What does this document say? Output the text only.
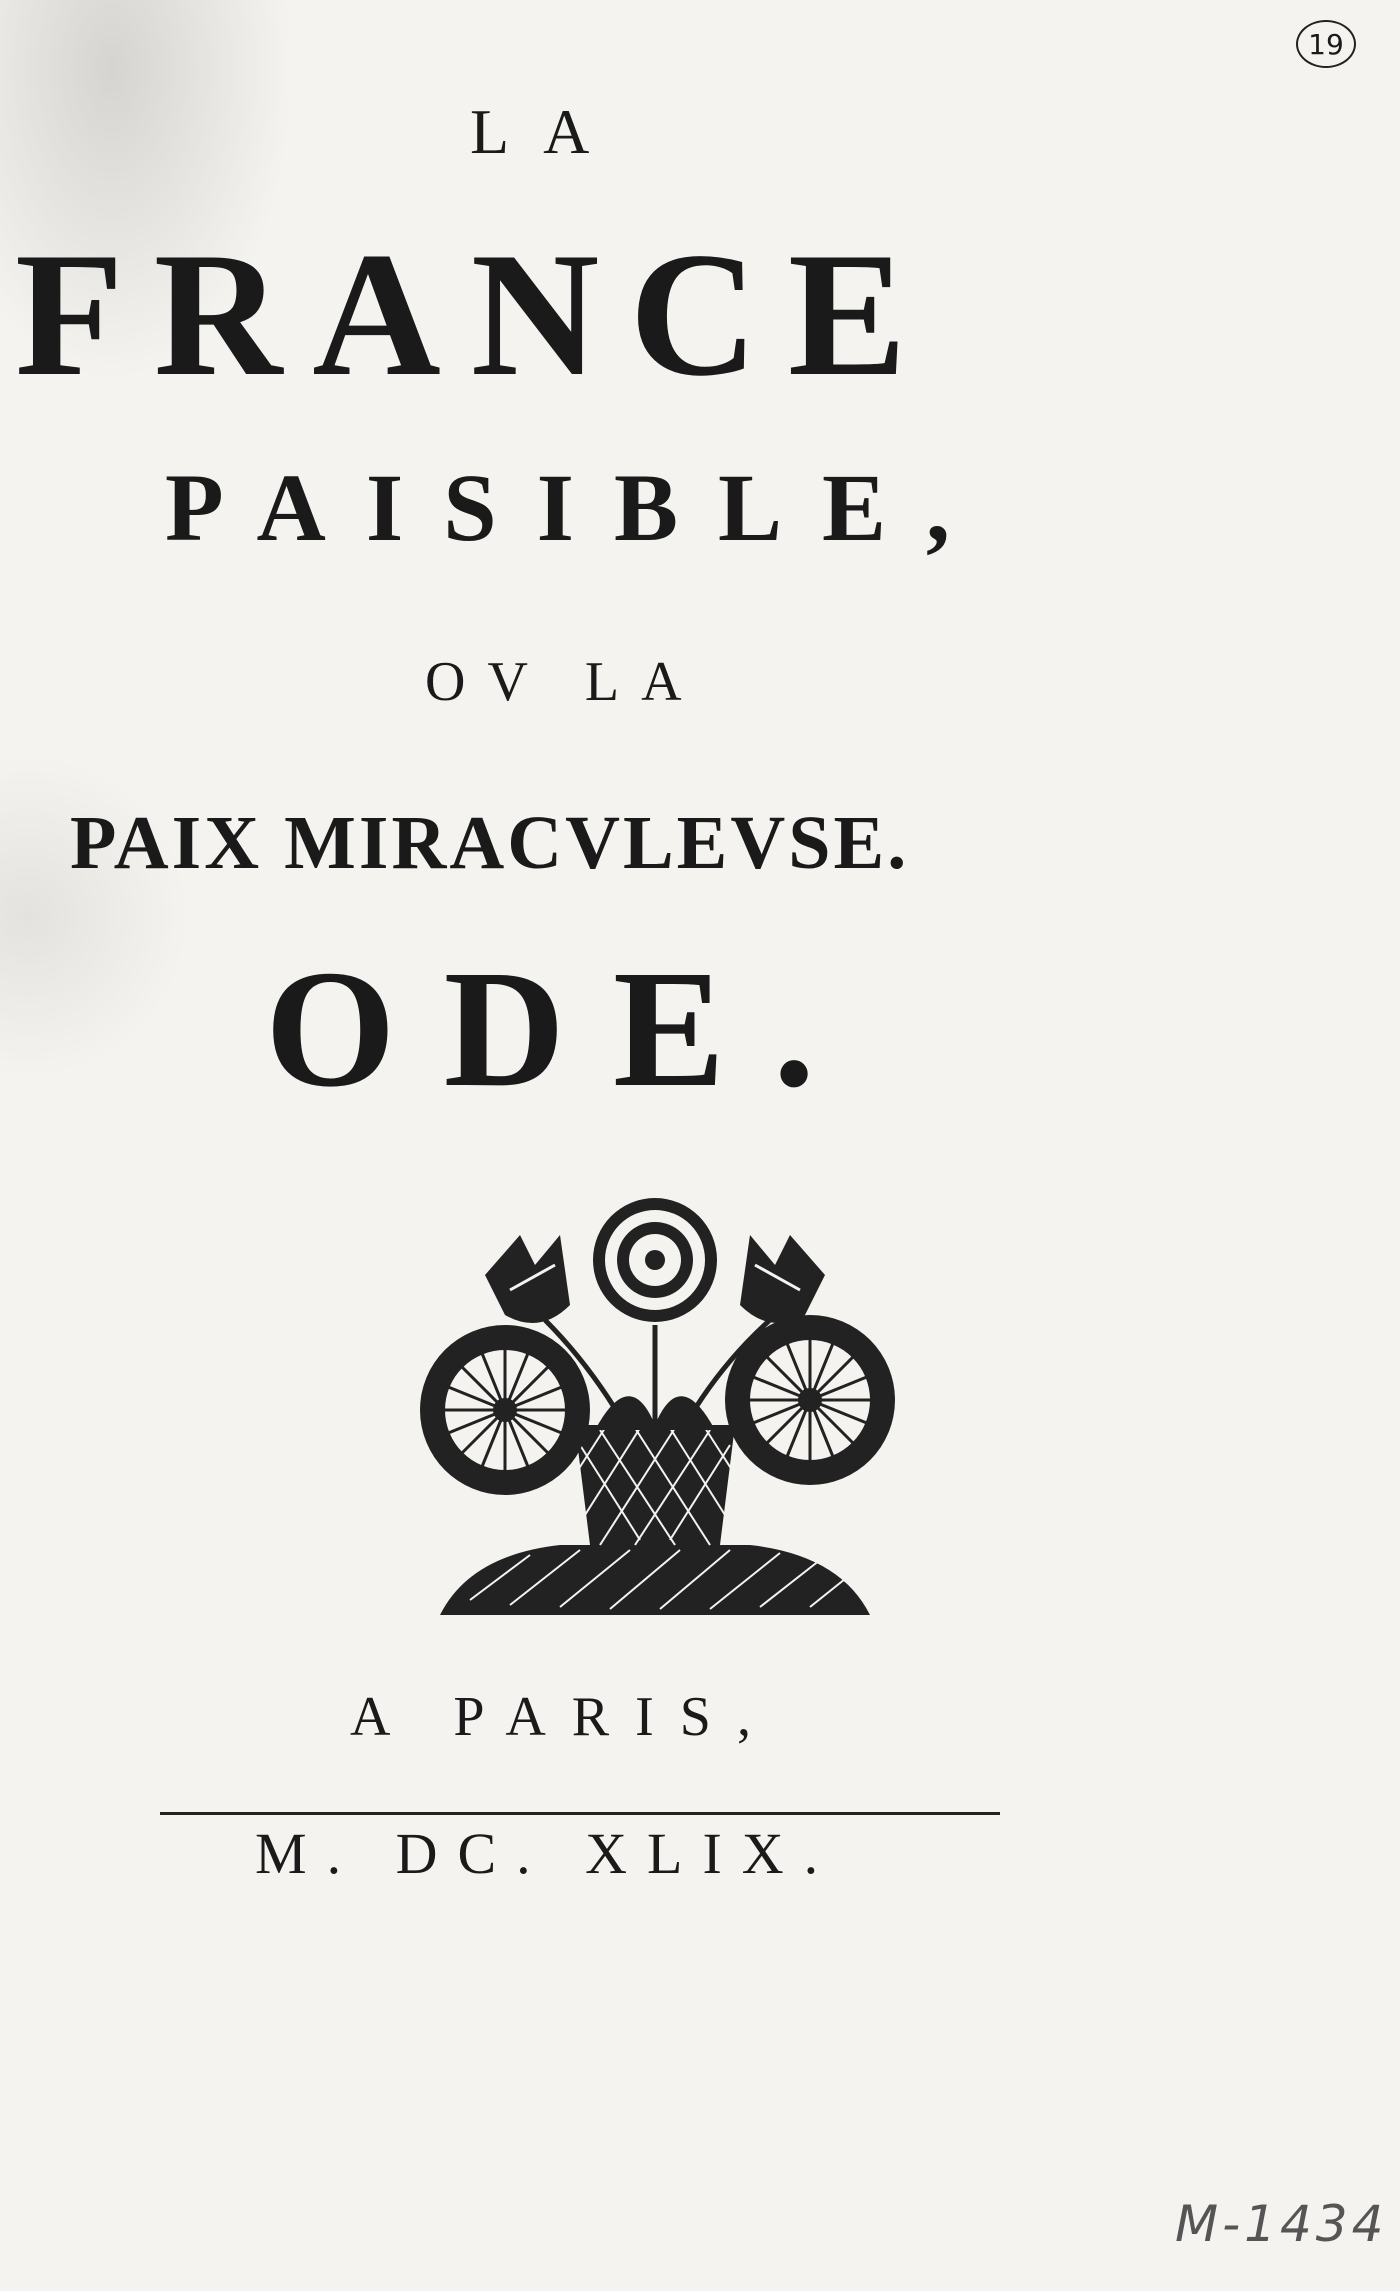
19
LA
FRANCE
PAISIBLE,
OV LA
PAIX MIRACVLEVSE.
ODE.
A PARIS,
M. DC. XLIX.
M-1434
